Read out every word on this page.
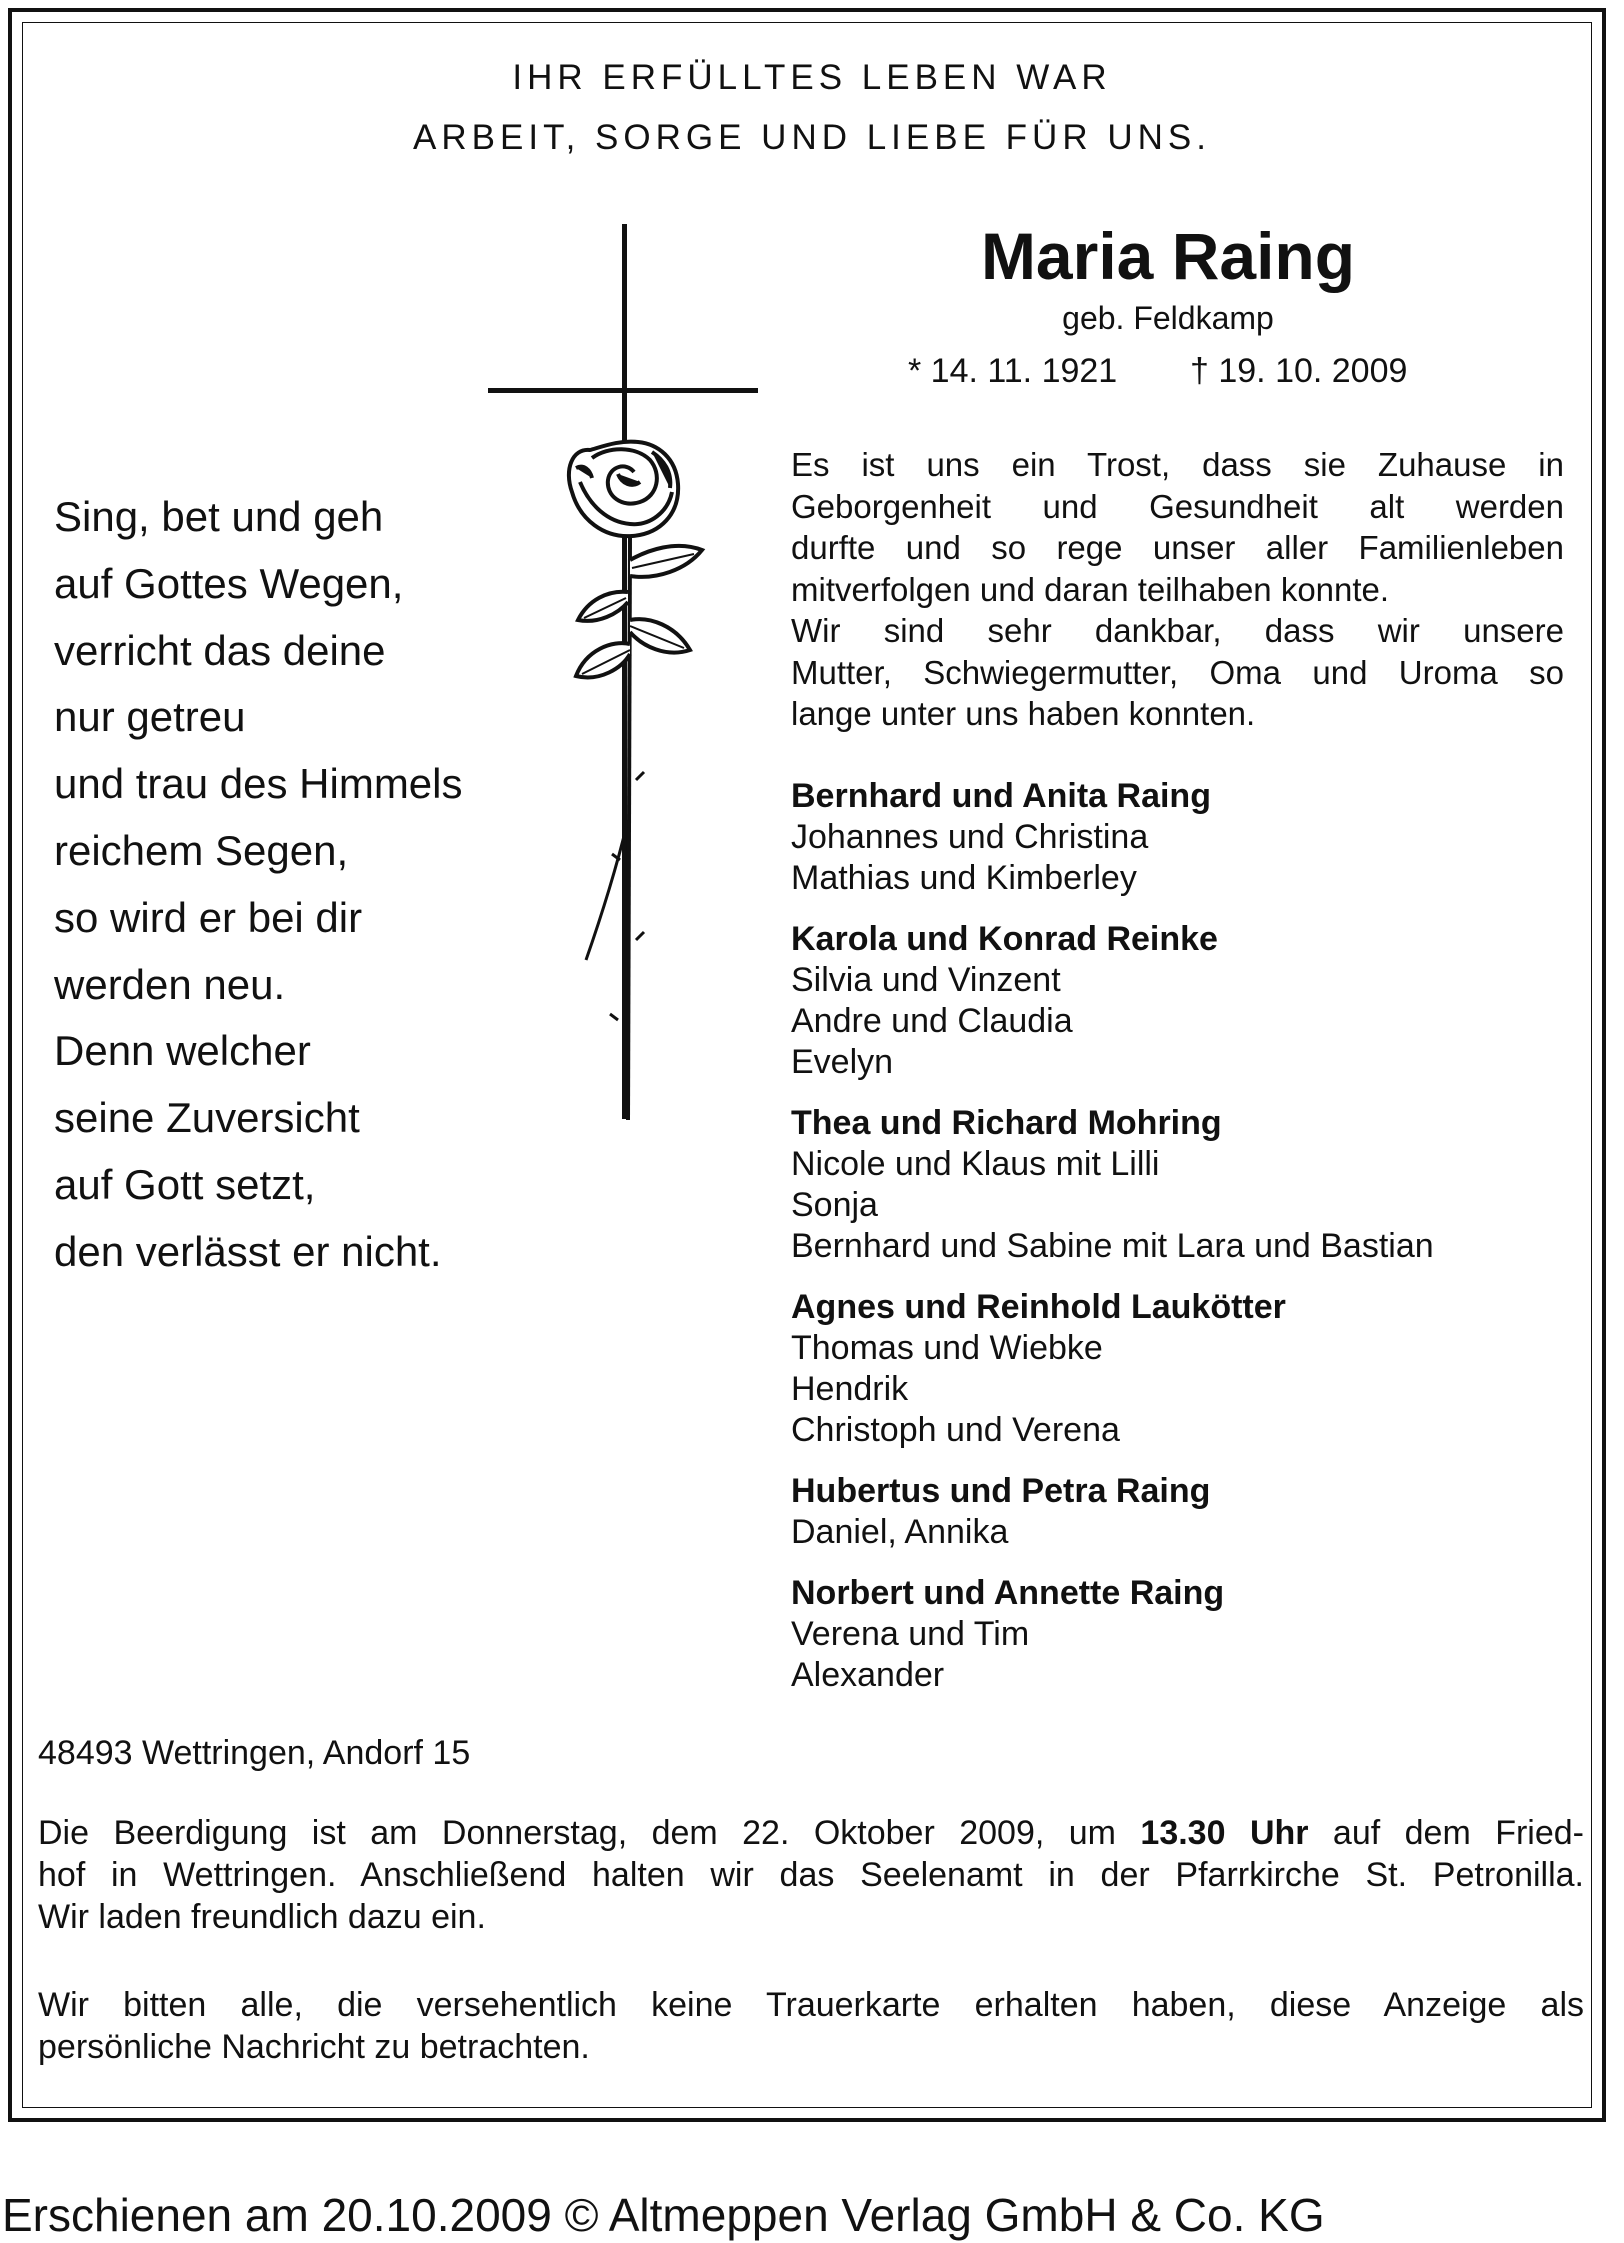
IHR ERFÜLLTES LEBEN WAR
ARBEIT, SORGE UND LIEBE FÜR UNS.
Maria Raing
geb. Feldkamp
* 14. 11. 1921 † 19. 10. 2009
Sing, bet und geh
auf Gottes Wegen,
verricht das deine
nur getreu
und trau des Himmels
reichem Segen,
so wird er bei dir
werden neu.
Denn welcher
seine Zuversicht
auf Gott setzt,
den verlässt er nicht.
Es ist uns ein Trost, dass sie Zuhause in
Geborgenheit und Gesundheit alt werden
durfte und so rege unser aller Familienleben
mitverfolgen und daran teilhaben konnte.
Wir sind sehr dankbar, dass wir unsere
Mutter, Schwiegermutter, Oma und Uroma so
lange unter uns haben konnten.
Bernhard und Anita Raing
Johannes und Christina
Mathias und Kimberley
Karola und Konrad Reinke
Silvia und Vinzent
Andre und Claudia
Evelyn
Thea und Richard Mohring
Nicole und Klaus mit Lilli
Sonja
Bernhard und Sabine mit Lara und Bastian
Agnes und Reinhold Laukötter
Thomas und Wiebke
Hendrik
Christoph und Verena
Hubertus und Petra Raing
Daniel, Annika
Norbert und Annette Raing
Verena und Tim
Alexander
48493 Wettringen, Andorf 15
Die Beerdigung ist am Donnerstag, dem 22. Oktober 2009, um 13.30 Uhr auf dem Fried-
hof in Wettringen. Anschließend halten wir das Seelenamt in der Pfarrkirche St. Petronilla.
Wir laden freundlich dazu ein.
Wir bitten alle, die versehentlich keine Trauerkarte erhalten haben, diese Anzeige als
persönliche Nachricht zu betrachten.
Erschienen am 20.10.2009 © Altmeppen Verlag GmbH & Co. KG
